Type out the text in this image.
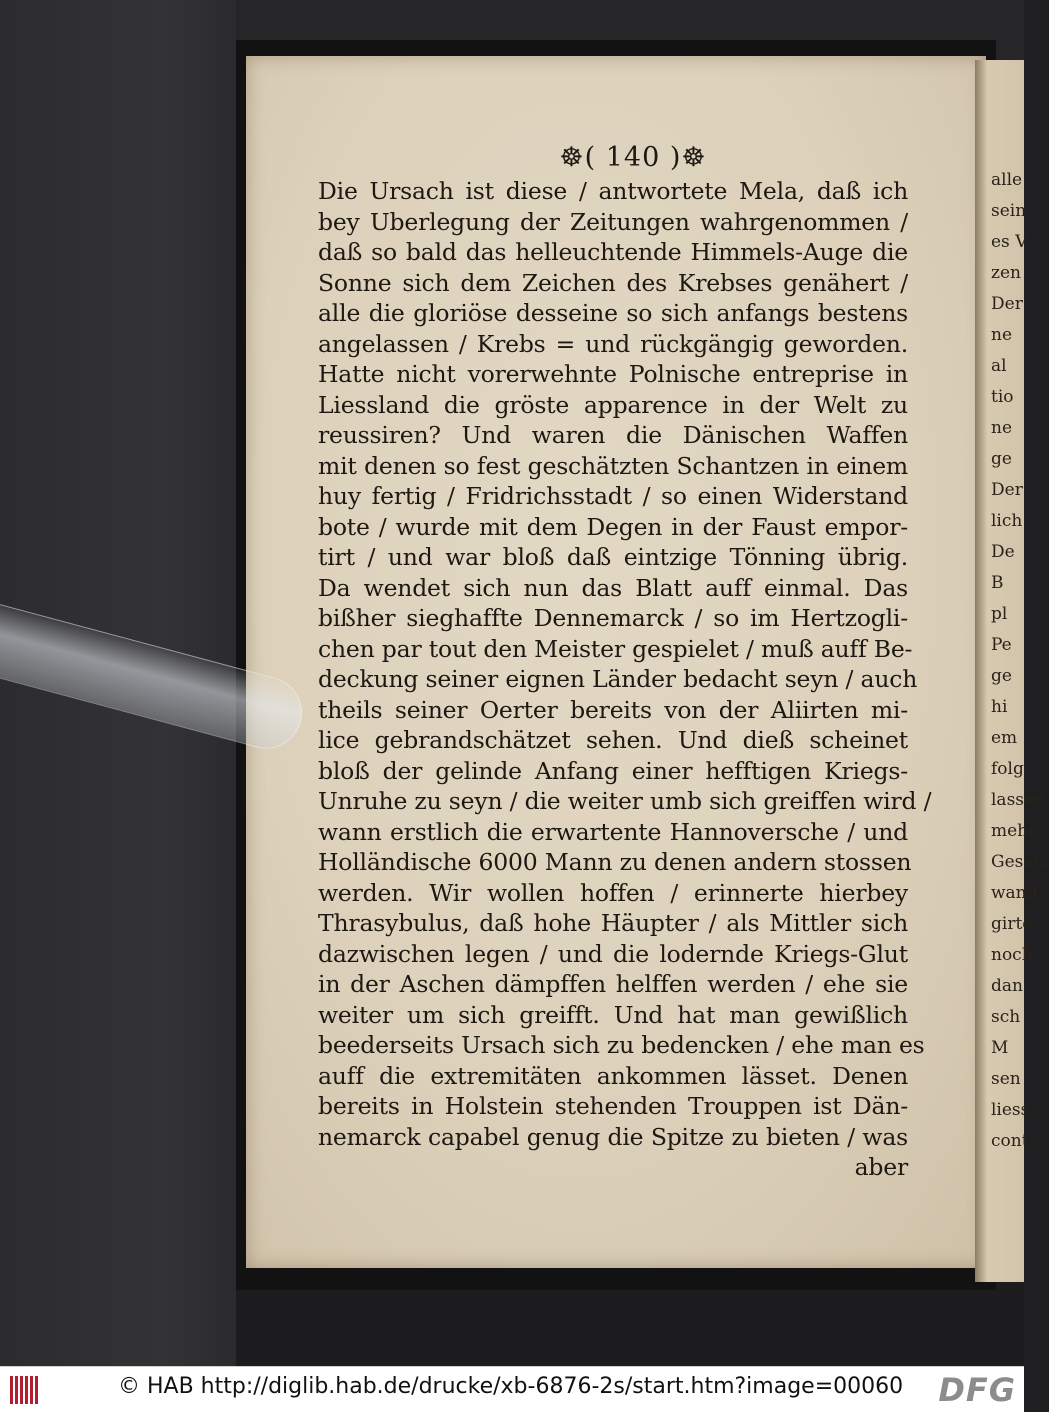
alle
sein
es V
zen
Der
ne
al
tio
ne
ge
Der
lich
De
B
pl
Pe
ge
hi
em
folg
lassen
mehr
Gesetz
wand
girte
noch
dan
sch
M
sen
liess
cont
☸( 140 )☸
Die Ursach ist diese / antwortete Mela, daß ich
bey Uberlegung der Zeitungen wahrgenommen /
daß so bald das helleuchtende Himmels-Auge die
Sonne sich dem Zeichen des Krebses genähert /
alle die gloriöse desseine so sich anfangs bestens
angelassen / Krebs = und rückgängig geworden.
Hatte nicht vorerwehnte Polnische entreprise in
Liessland die gröste apparence in der Welt zu
reussiren? Und waren die Dänischen Waffen
mit denen so fest geschätzten Schantzen in einem
huy fertig / Fridrichsstadt / so einen Widerstand
bote / wurde mit dem Degen in der Faust empor-
tirt / und war bloß daß eintzige Tönning übrig.
Da wendet sich nun das Blatt auff einmal. Das
bißher sieghaffte Dennemarck / so im Hertzogli-
chen par tout den Meister gespielet / muß auff Be-
deckung seiner eignen Länder bedacht seyn / auch
theils seiner Oerter bereits von der Aliirten mi-
lice gebrandschätzet sehen. Und dieß scheinet
bloß der gelinde Anfang einer hefftigen Kriegs-
Unruhe zu seyn / die weiter umb sich greiffen wird /
wann erstlich die erwartente Hannoversche / und
Holländische 6000 Mann zu denen andern stossen
werden. Wir wollen hoffen / erinnerte hierbey
Thrasybulus, daß hohe Häupter / als Mittler sich
dazwischen legen / und die lodernde Kriegs-Glut
in der Aschen dämpffen helffen werden / ehe sie
weiter um sich greifft. Und hat man gewißlich
beederseits Ursach sich zu bedencken / ehe man es
auff die extremitäten ankommen lässet. Denen
bereits in Holstein stehenden Trouppen ist Dän-
nemarck capabel genug die Spitze zu bieten / was
aber
© HAB http://diglib.hab.de/drucke/xb-6876-2s/start.htm?image=00060 DFG
